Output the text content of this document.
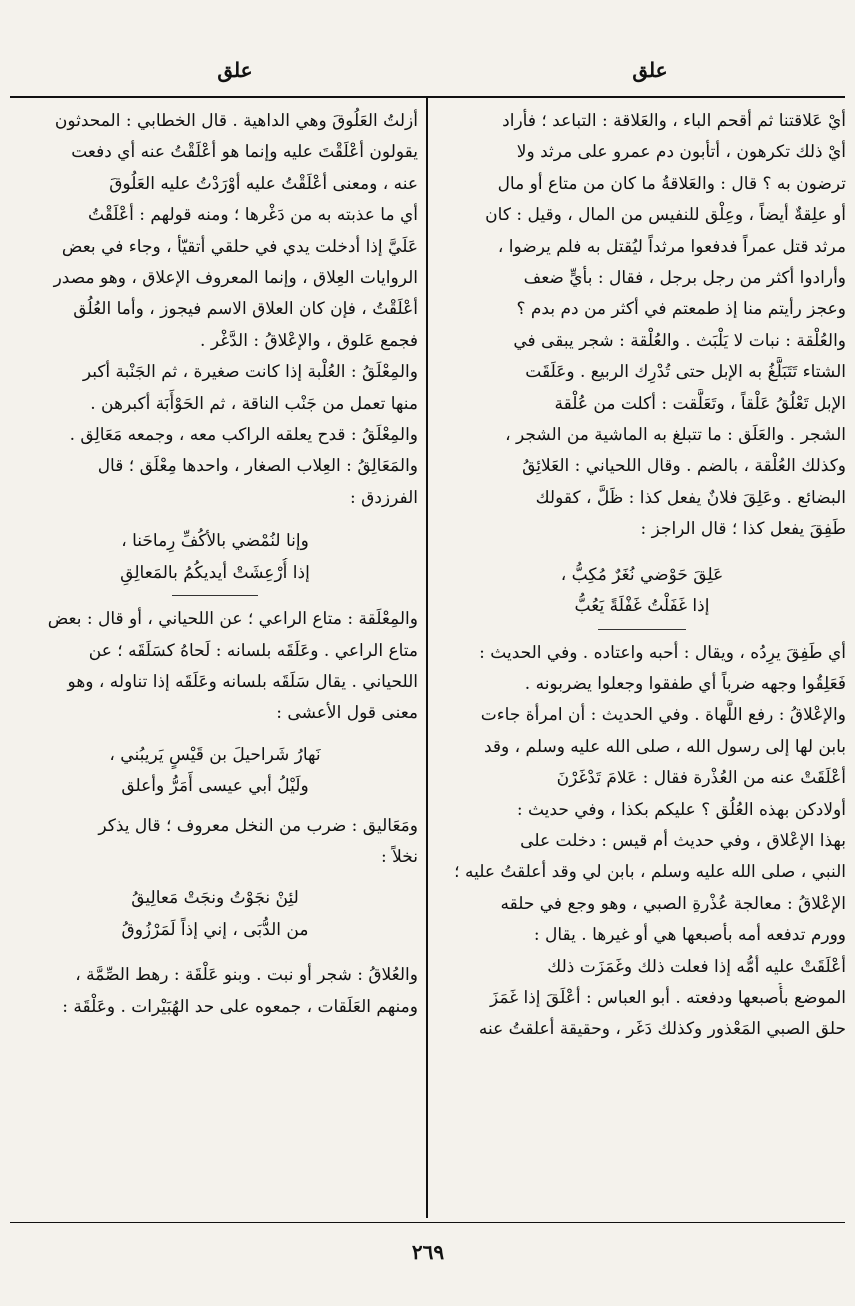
علق
علق
أيْ عَلاقتنا ثم أقحم الباء ، والعَلاقة : التباعد ؛ فأراد
أيْ ذلك تكرهون ، أتأبون دم عمرو على مرثد ولا
ترضون به ؟ قال : والعَلاقةُ ما كان من متاع أو مال
أو علِقةٌ أيضاً ، وعِلْق للنفيس من المال ، وقيل : كان
مرثد قتل عمراً فدفعوا مرثداً ليُقتل به فلم يرضوا ،
وأرادوا أكثر من رجل برجل ، فقال : بأيٍّ ضعف
وعجز رأيتم منا إذ طمعتم في أكثر من دم بدم ؟
والعُلْقة : نبات لا يَلْبَث . والعُلْقة : شجر يبقى في
الشتاء تَتَبَلَّغُ به الإبل حتى تُدْرِك الربيع . وعَلَقَت
الإبل تَعْلُقُ عَلْقاً ، وتَعَلَّقت : أكلت من عُلْقة
الشجر . والعَلَق : ما تتبلغ به الماشية من الشجر ،
وكذلك العُلْقة ، بالضم . وقال اللحياني : العَلائِقُ
البضائع . وعَلِقَ فلانٌ يفعل كذا : ظَلَّ ، كقولك
طَفِقَ يفعل كذا ؛ قال الراجز :
عَلِقَ حَوْضي نُغَرٌ مُكِبُّ ،
إذا غَفَلْتُ غَفْلَةً يَعُبُّ
أي طَفِقَ يرِدُه ، ويقال : أحبه واعتاده . وفي الحديث :
فَعَلِقُوا وجهه ضرباً أي طفقوا وجعلوا يضربونه .
والإعْلاقُ : رفع اللَّهاة . وفي الحديث : أن امرأة جاءت
بابن لها إلى رسول الله ، صلى الله عليه وسلم ، وقد
أعْلَقَتْ عنه من العُذْرة فقال : عَلامَ تَدْغَرْنَ
أولادكن بهذه العُلُق ؟ عليكم بكذا ، وفي حديث :
بهذا الإعْلاق ، وفي حديث أم قيس : دخلت على
النبي ، صلى الله عليه وسلم ، بابن لي وقد أعلقتُ عليه ؛
الإعْلاقُ : معالجة عُذْرةِ الصبي ، وهو وجع في حلقه
وورم تدفعه أمه بأصبعها هي أو غيرها . يقال :
أعْلَقَتْ عليه أمُّه إذا فعلت ذلك وغَمَزَت ذلك
الموضع بأُصبعها ودفعته . أبو العباس : أعْلَقَ إذا غَمَزَ
حلق الصبي المَعْذور وكذلك دَغَر ، وحقيقة أعلقتُ عنه
أزلتُ العَلُوقَ وهي الداهية . قال الخطابي : المحدثون
يقولون أعْلَقْتَ عليه وإنما هو أعْلَقْتُ عنه أي دفعت
عنه ، ومعنى أعْلَقْتُ عليه أوْرَدْتُ عليه العَلُوقَ
أي ما عذبته به من دَغْرها ؛ ومنه قولهم : أعْلَقْتُ
عَلَيَّ إذا أدخلت يدي في حلقي أتقيّأ ، وجاء في بعض
الروايات العِلاق ، وإنما المعروف الإعلاق ، وهو مصدر
أعْلَقْتُ ، فإن كان العلاق الاسم فيجوز ، وأما العُلُق
فجمع عَلوق ، والإعْلاقُ : الدَّغْر .
والمِعْلَقُ : العُلْبة إذا كانت صغيرة ، ثم الجَنْبة أكبر
منها تعمل من جَنْب الناقة ، ثم الحَوْأَبَة أكبرهن .
والمِعْلَقُ : قدح يعلقه الراكب معه ، وجمعه مَعَالِق .
والمَعَالِقُ : العِلاب الصغار ، واحدها مِعْلَق ؛ قال
الفرزدق :
وإنا لنُمْضي بالأكُفِّ رِماحَنا ،
إذا أُرْعِشَتْ أيديكُمُ بالمَعالِقِ
والمِعْلَقة : متاع الراعي ؛ عن اللحياني ، أو قال : بعض
متاع الراعي . وعَلَقَه بلسانه : لَحاهُ كسَلَقَه ؛ عن
اللحياني . يقال سَلَقَه بلسانه وعَلَقَه إذا تناوله ، وهو
معنى قول الأعشى :
نَهارُ شَراحيلَ بن قَيْسٍ يَريبُني ،
ولَيْلُ أبي عيسى أَمَرُّ وأعلق
ومَعَاليق : ضرب من النخل معروف ؛ قال يذكر
نخلاً :
لئِنْ نجَوْتُ ونجَتْ مَعالِيقُ
من الدُّبَى ، إني إذاً لَمَرْزُوقُ
والعُلاقُ : شجر أو نبت . وبنو عَلْقَة : رهط الصِّمَّة ،
ومنهم العَلَقات ، جمعوه على حد الهُبَيْرات . وعَلْقَة :
٢٦٩
